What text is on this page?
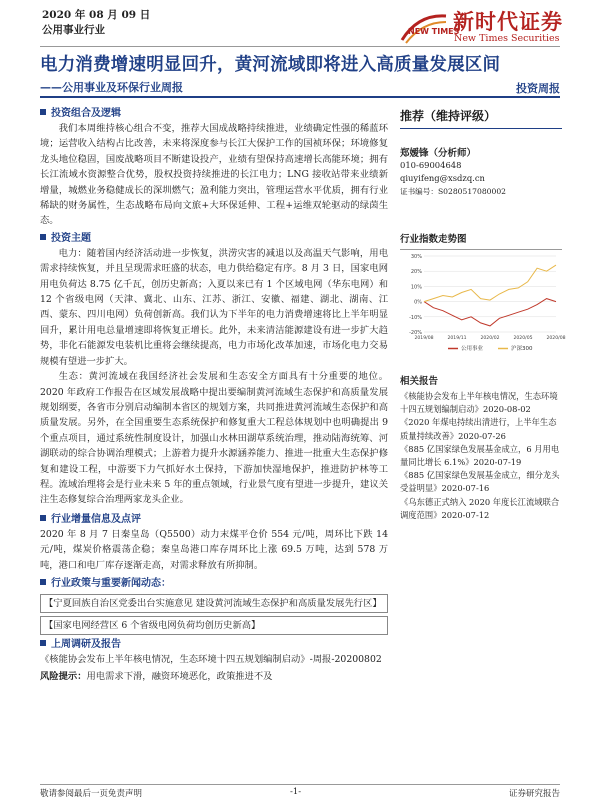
2020 年 08 月 09 日
公用事业行业	NEW TIMES
新时代证券
New Times Securities
电力消费增速明显回升，黄河流域即将进入高质量发展区间
——公用事业及环保行业周报	投资周报

投资组合及逻辑

我们本周维持核心组合不变，推荐大国成战略持续推进，业绩确定性强的稀蓝环境；运营收入结构占比改善，未来将深度参与长江大保护工作的国祯环保；环境修复龙头地位稳固，国废战略项目不断建设投产，业绩有望保持高速增长高能环境；拥有长江流域水资源整合优势，股权投资持续推进的长江电力；LNG 接收站带来业绩新增量，城燃业务稳健成长的深圳燃气；盈利能力突出，管理运营水平优质，拥有行业稀缺的财务属性，生态战略布局向文旅+大环保延伸、工程+运维双轮驱动的绿茵生态。

投资主题

电力：随着国内经济活动进一步恢复，洪涝灾害的减退以及高温天气影响，用电需求持续恢复，并且呈现需求旺盛的状态，电力供给稳定有序。8 月 3 日，国家电网用电负荷达 8.75 亿千瓦，创历史新高；入夏以来已有 1 个区域电网（华东电网）和 12 个省级电网（天津、冀北、山东、江苏、浙江、安徽、福建、湖北、湖南、江西、蒙东、四川电网）负荷创新高。我们认为下半年的电力消费增速将比上半年明显回升，累计用电总量增速即将恢复正增长。此外，未来清洁能源建设有进一步扩大趋势，非化石能源发电装机比重将会继续提高，电力市场化改革加速，市场化电力交易规模有望进一步扩大。

生态：黄河流域在我国经济社会发展和生态安全方面具有十分重要的地位。2020 年政府工作报告在区域发展战略中提出要编制黄河流域生态保护和高质量发展规划纲要，各省市分别启动编制本省区的规划方案，共同推进黄河流域生态保护和高质量发展。另外，在全国重要生态系统保护和修复重大工程总体规划中也明确提出 9 个重点项目，通过系统性制度设计，加强山水林田湖草系统治理，推动陆海统筹、河湖联动的综合协调治理模式；上游着力提升水源涵养能力、推进一批重大生态保护修复和建设工程，中游要下力气抓好水土保持，下游加快湿地保护，推进防护林等工程。流域治理将会是行业未来 5 年的重点领域，行业景气度有望进一步提升，建议关注生态修复综合治理两家龙头企业。

行业增量信息及点评

2020 年 8 月 7 日秦皇岛（Q5500）动力末煤平仓价 554 元/吨，周环比下跌 14 元/吨，煤炭价格震荡企稳；秦皇岛港口库存周环比上涨 69.5 万吨，达到 578 万吨，港口和电厂库存逐渐走高，对需求释放有所抑制。

行业政策与重要新闻动态：

【宁夏回族自治区党委出台实施意见 建设黄河流域生态保护和高质量发展先行区】
【国家电网经营区 6 个省级电网负荷均创历史新高】

上周调研及报告

《核能协会发布上半年核电情况，生态环境十四五规划编制启动》-周报-20200802

风险提示：用电需求下滑，融资环境恶化，政策推进不及

推荐（维持评级）
郑嫒锋（分析师）
010-69004648
qiuyifeng@xsdzq.cn
证书编号：S0280517080002
行业指数走势图
30%
20%
10%
0%
-10%
-20%
2019/08	2019/11	2020/02	2020/05	2020/08
公用事业	沪深300
相关报告
《核能协会发布上半年核电情况，生态环境十四五规划编制启动》2020-08-02
《2020 年煤电持续出清进行，上半年生态质量持续改善》2020-07-26
《885 亿国家绿色发展基金成立，6 月用电量同比增长 6.1%》2020-07-19
《885 亿国家绿色发展基金成立，细分龙头受益明显》2020-07-16
《乌东德正式纳入 2020 年度长江流域联合调度范围》2020-07-12
敬请参阅最后一页免责声明	-1-	证券研究报告
